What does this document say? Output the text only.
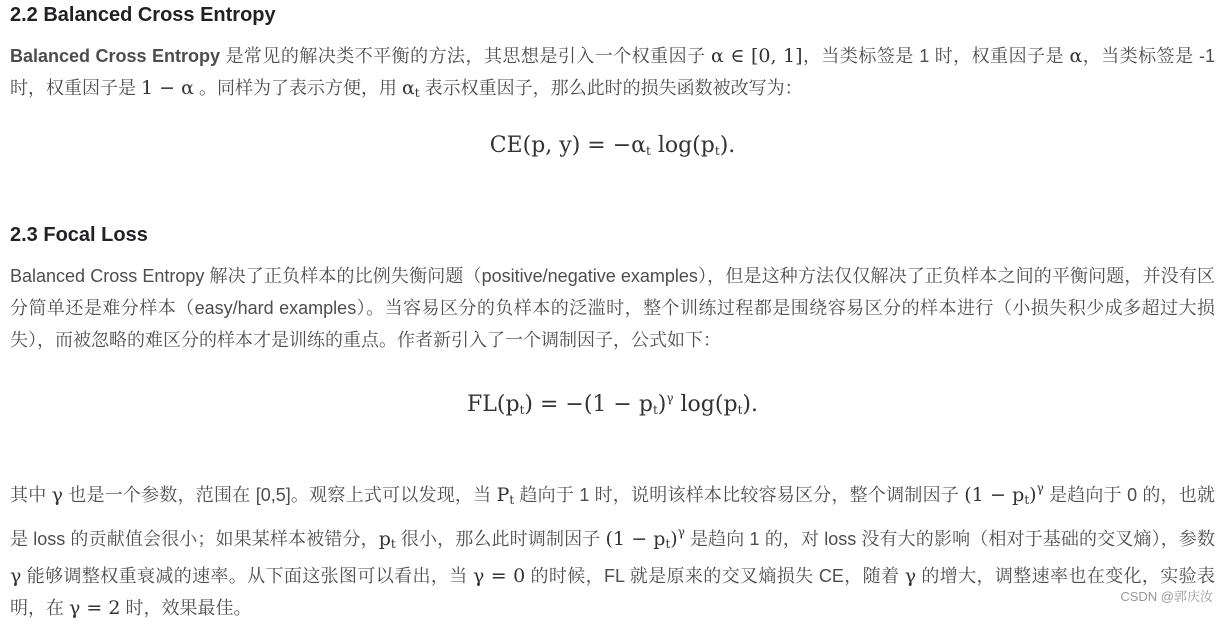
2.2 Balanced Cross Entropy

Balanced Cross Entropy 是常见的解决类不平衡的方法，其思想是引入一个权重因子 α ∈ [0, 1]，当类标签是 1 时，权重因子是 α，当类标签是 -1 时，权重因子是 1 − α 。同样为了表示方便，用 $\alpha_t$ 表示权重因子，那么此时的损失函数被改写为：

CE(p, $y) = -\alpha_t$ $\log(p_t)$.
2.3 Focal Loss

Balanced Cross Entropy 解决了正负样本的比例失衡问题（positive/negative examples），但是这种方法仅仅解决了正负样本之间的平衡问题，并没有区分简单还是难分样本（easy/hard examples）。当容易区分的负样本的泛滥时，整个训练过程都是围绕容易区分的样本进行（小损失积少成多超过大损失），而被忽略的难区分的样本才是训练的重点。作者新引入了一个调制因子，公式如下：

$FL(p_t) = -(1 - p_t)^\gamma$ $\log(p_t)$.

其中 γ 也是一个参数，范围在 [0,5]。观察上式可以发现，当 $P_t$ 趋向于 1 时，说明该样本比较容易区分，整个调制因子 $(1 - p_t)^\gamma$ 是趋向于 0 的，也就是 loss 的贡献值会很小；如果某样本被错分，$p_t$ 很小，那么此时调制因子 $(1 - p_t)^\gamma$ 是趋向 1 的，对 loss 没有大的影响（相对于基础的交叉熵），参数 γ 能够调整权重衰减的速率。从下面这张图可以看出，当 γ = 0 的时候，FL 就是原来的交叉熵损失 CE，随着 γ 的增大，调整速率也在变化，实验表明，在 γ = 2 时，效果最佳。

CSDN @郭庆汝
